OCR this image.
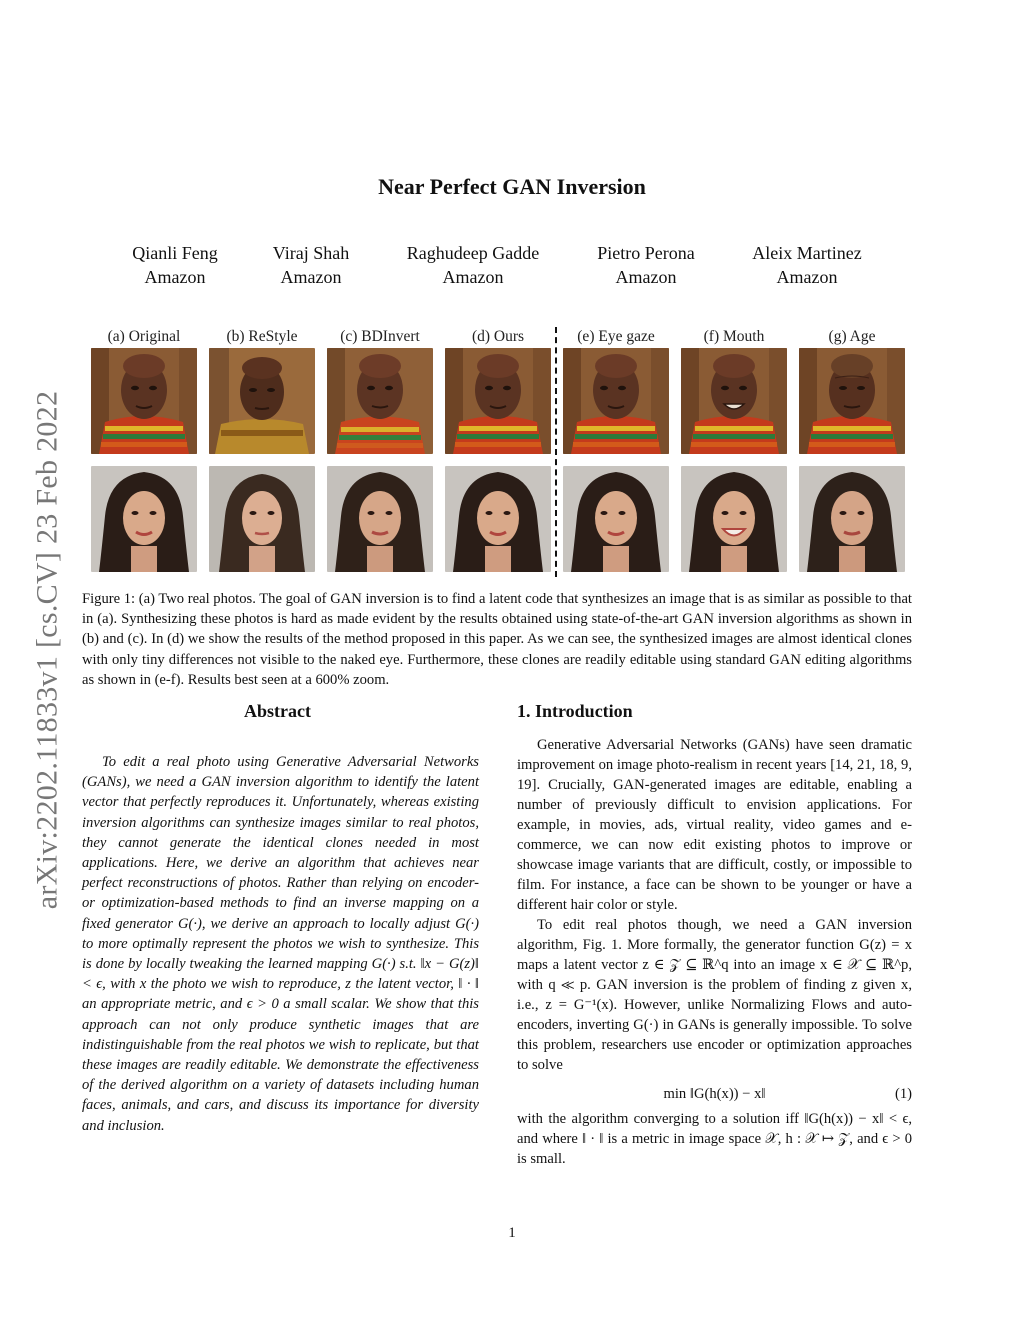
arXiv:2202.11833v1 [cs.CV] 23 Feb 2022
Near Perfect GAN Inversion
Qianli Feng
Amazon
Viraj Shah
Amazon
Raghudeep Gadde
Amazon
Pietro Perona
Amazon
Aleix Martinez
Amazon
(a) Original	(b) ReStyle	(c) BDInvert	(d) Ours	(e) Eye gaze	(f) Mouth	(g) Age
Figure 1: (a) Two real photos. The goal of GAN inversion is to find a latent code that synthesizes an image that is as similar as possible to that in (a). Synthesizing these photos is hard as made evident by the results obtained using state-of-the-art GAN inversion algorithms as shown in (b) and (c). In (d) we show the results of the method proposed in this paper. As we can see, the synthesized images are almost identical clones with only tiny differences not visible to the naked eye. Furthermore, these clones are readily editable using standard GAN editing algorithms as shown in (e-f). Results best seen at a 600% zoom.
Abstract

To edit a real photo using Generative Adversarial Networks (GANs), we need a GAN inversion algorithm to identify the latent vector that perfectly reproduces it. Unfortunately, whereas existing inversion algorithms can synthesize images similar to real photos, they cannot generate the identical clones needed in most applications. Here, we derive an algorithm that achieves near perfect reconstructions of photos. Rather than relying on encoder- or optimization-based methods to find an inverse mapping on a fixed generator G(·), we derive an approach to locally adjust G(·) to more optimally represent the photos we wish to synthesize. This is done by locally tweaking the learned mapping G(·) s.t. ‖x − G(z)‖ < ϵ, with x the photo we wish to reproduce, z the latent vector, ‖ · ‖ an appropriate metric, and ϵ > 0 a small scalar. We show that this approach can not only produce synthetic images that are indistinguishable from the real photos we wish to replicate, but that these images are readily editable. We demonstrate the effectiveness of the derived algorithm on a variety of datasets including human faces, animals, and cars, and discuss its importance for diversity and inclusion.

1. Introduction

Generative Adversarial Networks (GANs) have seen dramatic improvement on image photo-realism in recent years [14, 21, 18, 9, 19]. Crucially, GAN-generated images are editable, enabling a number of previously difficult to envision applications. For example, in movies, ads, virtual reality, video games and e-commerce, we can now edit existing photos to improve or showcase image variants that are difficult, costly, or impossible to film. For instance, a face can be shown to be younger or have a different hair color or style.

To edit real photos though, we need a GAN inversion algorithm, Fig. 1. More formally, the generator function G(z) = x maps a latent vector z ∈ 𝒵 ⊆ ℝ^q into an image x ∈ 𝒳 ⊆ ℝ^p, with q ≪ p. GAN inversion is the problem of finding z given x, i.e., z = G⁻¹(x). However, unlike Normalizing Flows and auto-encoders, inverting G(·) in GANs is generally impossible. To solve this problem, researchers use encoder or optimization approaches to solve

min ‖G(h(x)) − x‖	(1)

with the algorithm converging to a solution iff ‖G(h(x)) − x‖ < ϵ, and where ‖ · ‖ is a metric in image space 𝒳, h : 𝒳 ↦ 𝒵, and ϵ > 0 is small.

1
